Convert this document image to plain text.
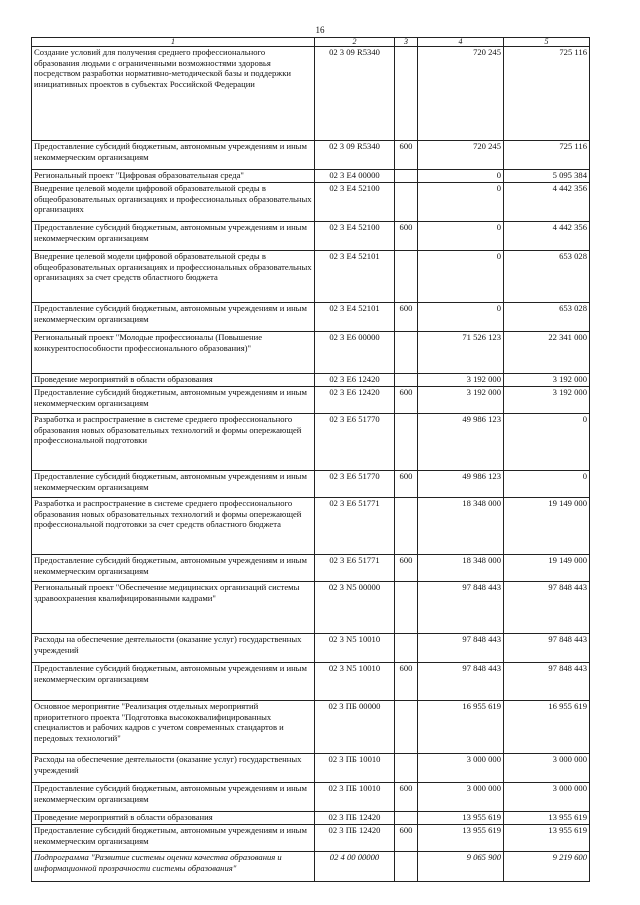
16
1	2	3	4	5
Создание условий для получения среднего профессионального образования людьми с ограниченными возможностями здоровья посредством разработки нормативно-методической базы и поддержки инициативных проектов в субъектах Российской Федерации	02 3 09 R5340		720 245	725 116
Предоставление субсидий бюджетным, автономным учреждениям и иным некоммерческим организациям	02 3 09 R5340	600	720 245	725 116
Региональный проект "Цифровая образовательная среда"	02 3 E4 00000		0	5 095 384
Внедрение целевой модели цифровой образовательной среды в общеобразовательных организациях и профессиональных образовательных организациях	02 3 E4 52100		0	4 442 356
Предоставление субсидий бюджетным, автономным учреждениям и иным некоммерческим организациям	02 3 E4 52100	600	0	4 442 356
Внедрение целевой модели цифровой образовательной среды в общеобразовательных организациях и профессиональных образовательных организациях за счет средств областного бюджета	02 3 E4 52101		0	653 028
Предоставление субсидий бюджетным, автономным учреждениям и иным некоммерческим организациям	02 3 E4 52101	600	0	653 028
Региональный проект "Молодые профессионалы (Повышение конкурентоспособности профессионального образования)"	02 3 E6 00000		71 526 123	22 341 000
Проведение мероприятий в области образования	02 3 E6 12420		3 192 000	3 192 000
Предоставление субсидий бюджетным, автономным учреждениям и иным некоммерческим организациям	02 3 E6 12420	600	3 192 000	3 192 000
Разработка и распространение в системе среднего профессионального образования новых образовательных технологий и формы опережающей профессиональной подготовки	02 3 E6 51770		49 986 123	0
Предоставление субсидий бюджетным, автономным учреждениям и иным некоммерческим организациям	02 3 E6 51770	600	49 986 123	0
Разработка и распространение в системе среднего профессионального образования новых образовательных технологий и формы опережающей профессиональной подготовки за счет средств областного бюджета	02 3 E6 51771		18 348 000	19 149 000
Предоставление субсидий бюджетным, автономным учреждениям и иным некоммерческим организациям	02 3 E6 51771	600	18 348 000	19 149 000
Региональный проект "Обеспечение медицинских организаций системы здравоохранения квалифицированными кадрами"	02 3 N5 00000		97 848 443	97 848 443
Расходы на обеспечение деятельности (оказание услуг) государственных учреждений	02 3 N5 10010		97 848 443	97 848 443
Предоставление субсидий бюджетным, автономным учреждениям и иным некоммерческим организациям	02 3 N5 10010	600	97 848 443	97 848 443
Основное мероприятие "Реализация отдельных мероприятий приоритетного проекта "Подготовка высококвалифицированных специалистов и рабочих кадров с учетом современных стандартов и передовых технологий"	02 3 ПБ 00000		16 955 619	16 955 619
Расходы на обеспечение деятельности (оказание услуг) государственных учреждений	02 3 ПБ 10010		3 000 000	3 000 000
Предоставление субсидий бюджетным, автономным учреждениям и иным некоммерческим организациям	02 3 ПБ 10010	600	3 000 000	3 000 000
Проведение мероприятий в области образования	02 3 ПБ 12420		13 955 619	13 955 619
Предоставление субсидий бюджетным, автономным учреждениям и иным некоммерческим организациям	02 3 ПБ 12420	600	13 955 619	13 955 619
Подпрограмма "Развитие системы оценки качества образования и информационной прозрачности системы образования"	02 4 00 00000		9 065 900	9 219 600
